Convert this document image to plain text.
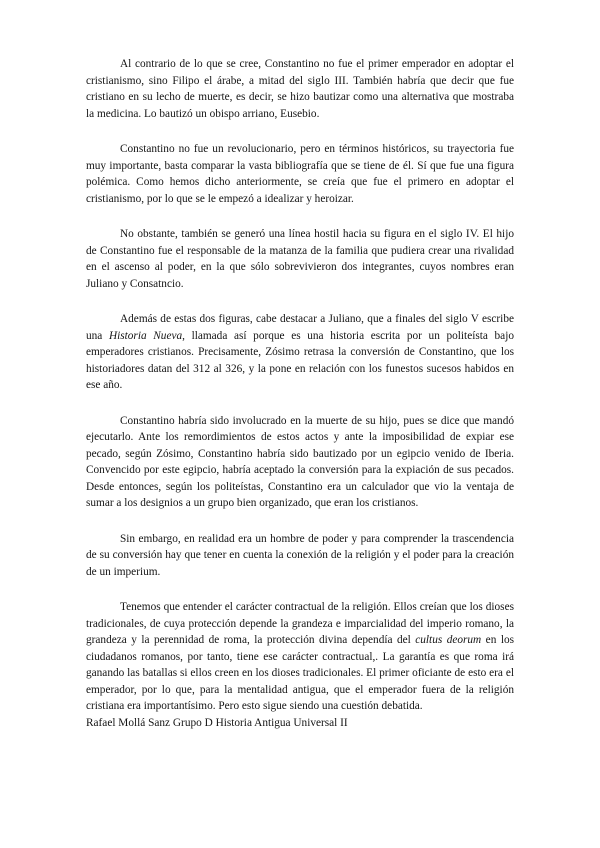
Al contrario de lo que se cree, Constantino no fue el primer emperador en adoptar el cristianismo, sino Filipo el árabe, a mitad del siglo III. También habría que decir que fue cristiano en su lecho de muerte, es decir, se hizo bautizar como una alternativa que mostraba la medicina. Lo bautizó un obispo arriano, Eusebio.

Constantino no fue un revolucionario, pero en términos históricos, su trayectoria fue muy importante, basta comparar la vasta bibliografía que se tiene de él. Sí que fue una figura polémica. Como hemos dicho anteriormente, se creía que fue el primero en adoptar el cristianismo, por lo que se le empezó a idealizar y heroizar.

No obstante, también se generó una línea hostil hacia su figura en el siglo IV. El hijo de Constantino fue el responsable de la matanza de la familia que pudiera crear una rivalidad en el ascenso al poder, en la que sólo sobrevivieron dos integrantes, cuyos nombres eran Juliano y Consatncio.

Además de estas dos figuras, cabe destacar a Juliano, que a finales del siglo V escribe una Historia Nueva, llamada así porque es una historia escrita por un politeísta bajo emperadores cristianos. Precisamente, Zósimo retrasa la conversión de Constantino, que los historiadores datan del 312 al 326, y la pone en relación con los funestos sucesos habidos en ese año.

Constantino habría sido involucrado en la muerte de su hijo, pues se dice que mandó ejecutarlo. Ante los remordimientos de estos actos y ante la imposibilidad de expiar ese pecado, según Zósimo, Constantino habría sido bautizado por un egipcio venido de Iberia. Convencido por este egipcio, habría aceptado la conversión para la expiación de sus pecados. Desde entonces, según los politeístas, Constantino era un calculador que vio la ventaja de sumar a los designios a un grupo bien organizado, que eran los cristianos.

Sin embargo, en realidad era un hombre de poder y para comprender la trascendencia de su conversión hay que tener en cuenta la conexión de la religión y el poder para la creación de un imperium.

Tenemos que entender el carácter contractual de la religión. Ellos creían que los dioses tradicionales, de cuya protección depende la grandeza e imparcialidad del imperio romano, la grandeza y la perennidad de roma, la protección divina dependía del cultus deorum en los ciudadanos romanos, por tanto, tiene ese carácter contractual,. La garantía es que roma irá ganando las batallas si ellos creen en los dioses tradicionales. El primer oficiante de esto era el emperador, por lo que, para la mentalidad antigua, que el emperador fuera de la religión cristiana era importantísimo. Pero esto sigue siendo una cuestión debatida.

Rafael Mollá Sanz Grupo D Historia Antigua Universal II
